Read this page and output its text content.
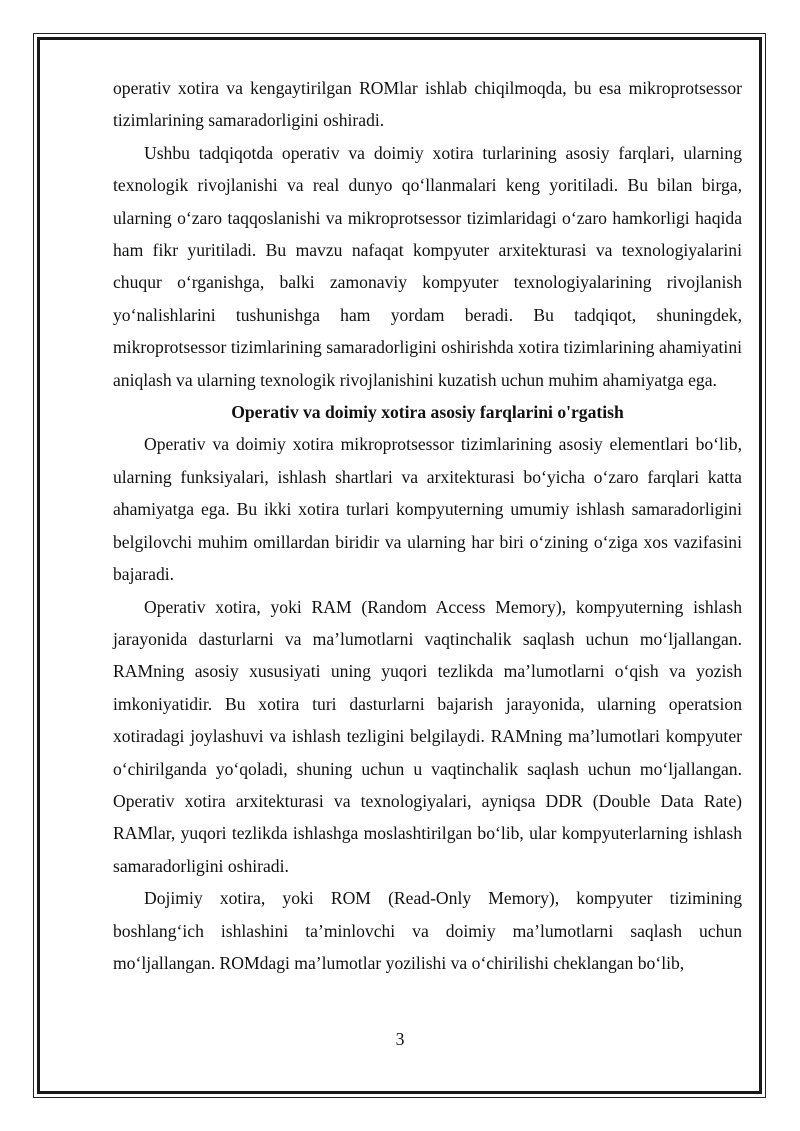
operativ xotira va kengaytirilgan ROMlar ishlab chiqilmoqda, bu esa mikroprotsessor tizimlarining samaradorligini oshiradi.

Ushbu tadqiqotda operativ va doimiy xotira turlarining asosiy farqlari, ularning texnologik rivojlanishi va real dunyo qo‘llanmalari keng yoritiladi. Bu bilan birga, ularning o‘zaro taqqoslanishi va mikroprotsessor tizimlaridagi o‘zaro hamkorligi haqida ham fikr yuritiladi. Bu mavzu nafaqat kompyuter arxitekturasi va texnologiyalarini chuqur o‘rganishga, balki zamonaviy kompyuter texnologiyalarining rivojlanish yo‘nalishlarini tushunishga ham yordam beradi. Bu tadqiqot, shuningdek, mikroprotsessor tizimlarining samaradorligini oshirishda xotira tizimlarining ahamiyatini aniqlash va ularning texnologik rivojlanishini kuzatish uchun muhim ahamiyatga ega.

Operativ va doimiy xotira asosiy farqlarini o'rgatish

Operativ va doimiy xotira mikroprotsessor tizimlarining asosiy elementlari bo‘lib, ularning funksiyalari, ishlash shartlari va arxitekturasi bo‘yicha o‘zaro farqlari katta ahamiyatga ega. Bu ikki xotira turlari kompyuterning umumiy ishlash samaradorligini belgilovchi muhim omillardan biridir va ularning har biri o‘zining o‘ziga xos vazifasini bajaradi.

Operativ xotira, yoki RAM (Random Access Memory), kompyuterning ishlash jarayonida dasturlarni va ma’lumotlarni vaqtinchalik saqlash uchun mo‘ljallangan. RAMning asosiy xususiyati uning yuqori tezlikda ma’lumotlarni o‘qish va yozish imkoniyatidir. Bu xotira turi dasturlarni bajarish jarayonida, ularning operatsion xotiradagi joylashuvi va ishlash tezligini belgilaydi. RAMning ma’lumotlari kompyuter o‘chirilganda yo‘qoladi, shuning uchun u vaqtinchalik saqlash uchun mo‘ljallangan. Operativ xotira arxitekturasi va texnologiyalari, ayniqsa DDR (Double Data Rate) RAMlar, yuqori tezlikda ishlashga moslashtirilgan bo‘lib, ular kompyuterlarning ishlash samaradorligini oshiradi.

Dojimiy xotira, yoki ROM (Read-Only Memory), kompyuter tizimining boshlang‘ich ishlashini ta’minlovchi va doimiy ma’lumotlarni saqlash uchun mo‘ljallangan. ROMdagi ma’lumotlar yozilishi va o‘chirilishi cheklangan bo‘lib,

3
